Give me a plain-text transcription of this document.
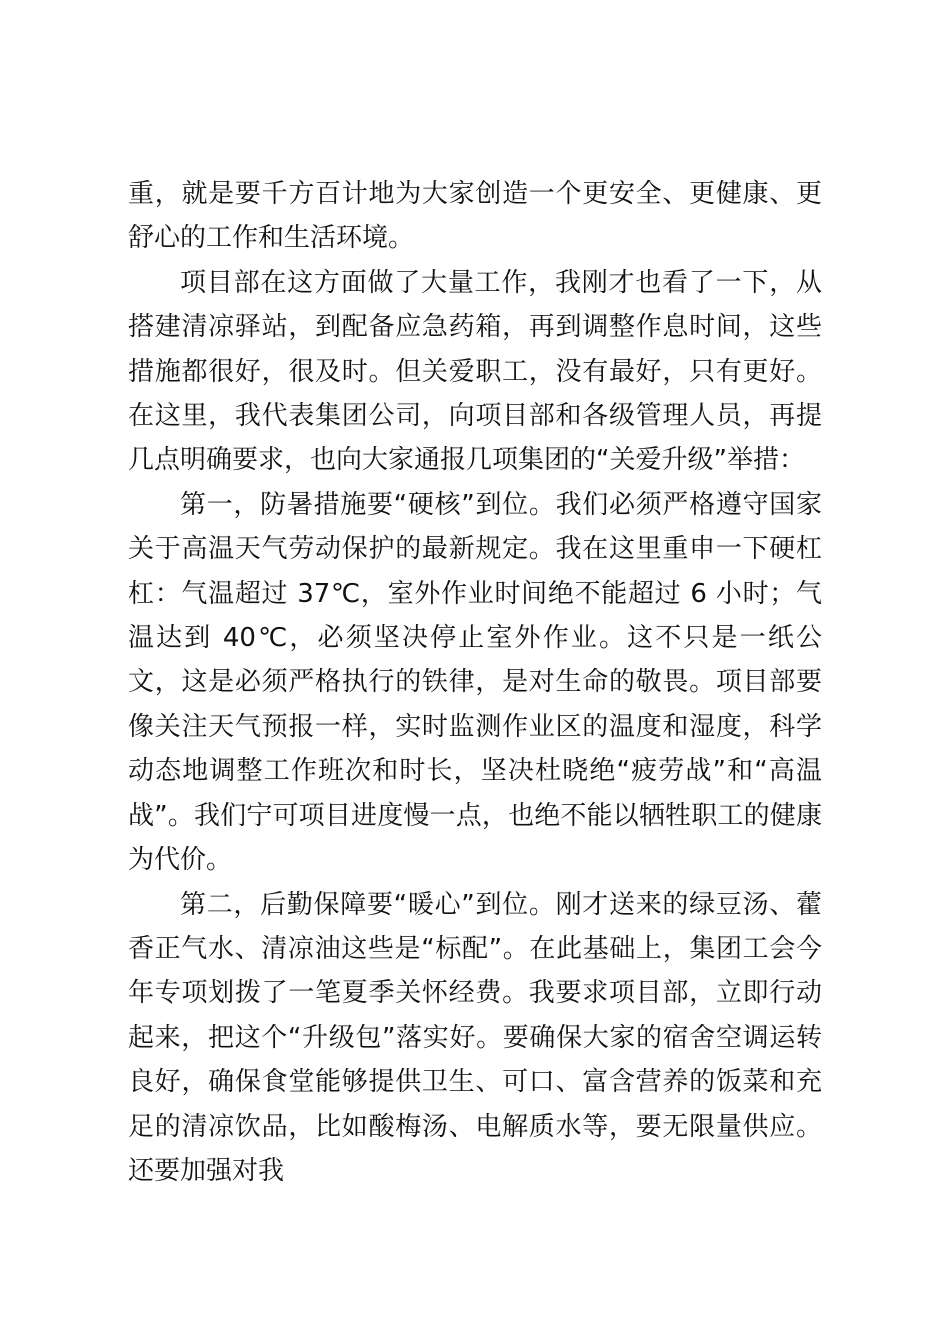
重，就是要千方百计地为大家创造一个更安全、更健康、更舒心的工作和生活环境。

项目部在这方面做了大量工作，我刚才也看了一下，从搭建清凉驿站，到配备应急药箱，再到调整作息时间，这些措施都很好，很及时。但关爱职工，没有最好，只有更好。在这里，我代表集团公司，向项目部和各级管理人员，再提几点明确要求，也向大家通报几项集团的“关爱升级”举措：

第一，防暑措施要“硬核”到位。我们必须严格遵守国家关于高温天气劳动保护的最新规定。我在这里重申一下硬杠杠：气温超过 37℃，室外作业时间绝不能超过 6 小时；气温达到 40℃，必须坚决停止室外作业。这不只是一纸公文，这是必须严格执行的铁律，是对生命的敬畏。项目部要像关注天气预报一样，实时监测作业区的温度和湿度，科学动态地调整工作班次和时长，坚决杜晓绝“疲劳战”和“高温战”。我们宁可项目进度慢一点，也绝不能以牺牲职工的健康为代价。

第二，后勤保障要“暖心”到位。刚才送来的绿豆汤、藿香正气水、清凉油这些是“标配”。在此基础上，集团工会今年专项划拨了一笔夏季关怀经费。我要求项目部，立即行动起来，把这个“升级包”落实好。要确保大家的宿舍空调运转良好，确保食堂能够提供卫生、可口、富含营养的饭菜和充足的清凉饮品，比如酸梅汤、电解质水等，要无限量供应。还要加强对我
